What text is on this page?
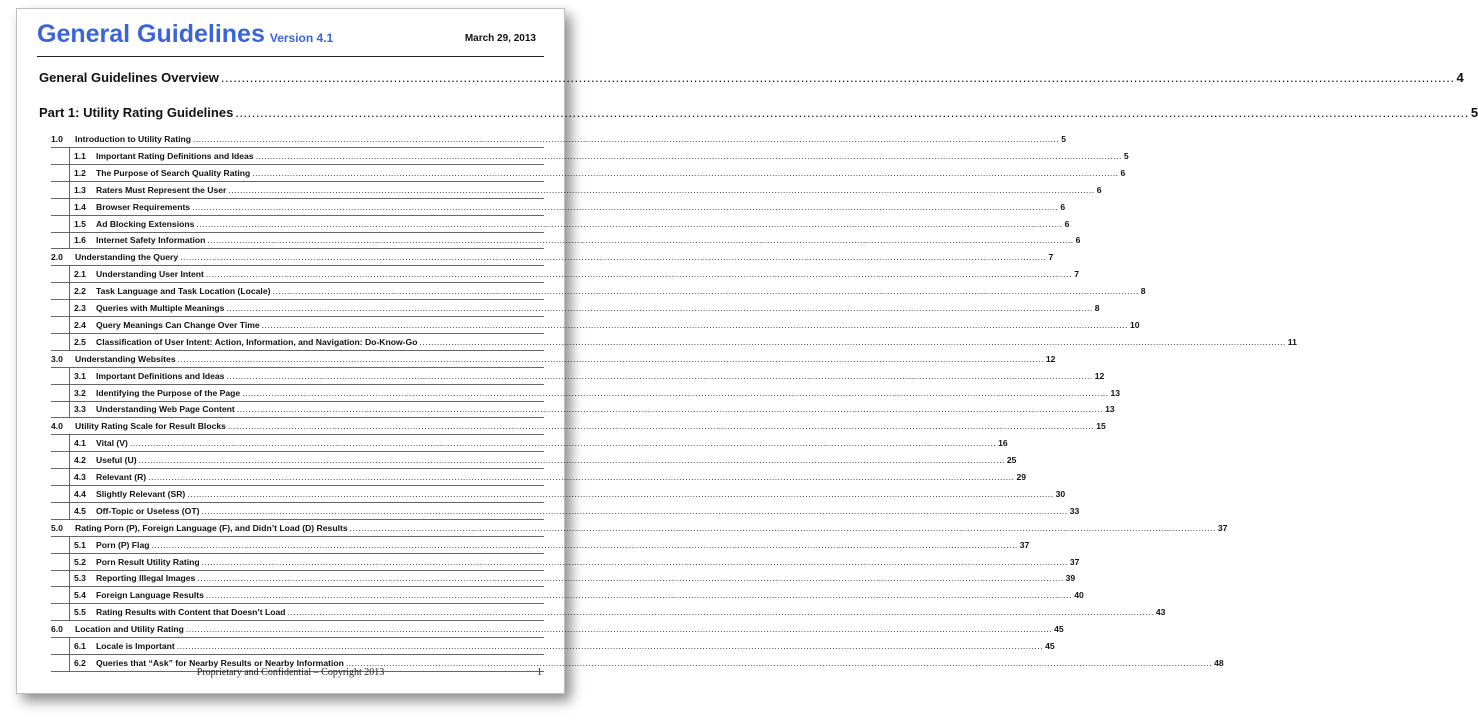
General Guidelines Version 4.1	March 29, 2013
General Guidelines Overview ............................................................................................................................................................................................................................................................................................................ 4
Part 1: Utility Rating Guidelines ............................................................................................................................................................................................................................................................................................................ 5
1.0 Introduction to Utility Rating ............................................................................................................................................................................................................................................................................................................ 5
1.1 Important Rating Definitions and Ideas ............................................................................................................................................................................................................................................................................................................ 5
1.2 The Purpose of Search Quality Rating ............................................................................................................................................................................................................................................................................................................ 6
1.3 Raters Must Represent the User ............................................................................................................................................................................................................................................................................................................ 6
1.4 Browser Requirements ............................................................................................................................................................................................................................................................................................................ 6
1.5 Ad Blocking Extensions ............................................................................................................................................................................................................................................................................................................ 6
1.6 Internet Safety Information ............................................................................................................................................................................................................................................................................................................ 6
2.0 Understanding the Query ............................................................................................................................................................................................................................................................................................................ 7
2.1 Understanding User Intent ............................................................................................................................................................................................................................................................................................................ 7
2.2 Task Language and Task Location (Locale) ............................................................................................................................................................................................................................................................................................................ 8
2.3 Queries with Multiple Meanings ............................................................................................................................................................................................................................................................................................................ 8
2.4 Query Meanings Can Change Over Time ............................................................................................................................................................................................................................................................................................................ 10
2.5 Classification of User Intent: Action, Information, and Navigation: Do-Know-Go ............................................................................................................................................................................................................................................................................................................ 11
3.0 Understanding Websites ............................................................................................................................................................................................................................................................................................................ 12
3.1 Important Definitions and Ideas ............................................................................................................................................................................................................................................................................................................ 12
3.2 Identifying the Purpose of the Page ............................................................................................................................................................................................................................................................................................................ 13
3.3 Understanding Web Page Content ............................................................................................................................................................................................................................................................................................................ 13
4.0 Utility Rating Scale for Result Blocks ............................................................................................................................................................................................................................................................................................................ 15
4.1 Vital (V) ............................................................................................................................................................................................................................................................................................................ 16
4.2 Useful (U) ............................................................................................................................................................................................................................................................................................................ 25
4.3 Relevant (R) ............................................................................................................................................................................................................................................................................................................ 29
4.4 Slightly Relevant (SR) ............................................................................................................................................................................................................................................................................................................ 30
4.5 Off-Topic or Useless (OT) ............................................................................................................................................................................................................................................................................................................ 33
5.0 Rating Porn (P), Foreign Language (F), and Didn’t Load (D) Results ............................................................................................................................................................................................................................................................................................................ 37
5.1 Porn (P) Flag ............................................................................................................................................................................................................................................................................................................ 37
5.2 Porn Result Utility Rating ............................................................................................................................................................................................................................................................................................................ 37
5.3 Reporting Illegal Images ............................................................................................................................................................................................................................................................................................................ 39
5.4 Foreign Language Results ............................................................................................................................................................................................................................................................................................................ 40
5.5 Rating Results with Content that Doesn’t Load ............................................................................................................................................................................................................................................................................................................ 43
6.0 Location and Utility Rating ............................................................................................................................................................................................................................................................................................................ 45
6.1 Locale is Important ............................................................................................................................................................................................................................................................................................................ 45
6.2 Queries that “Ask” for Nearby Results or Nearby Information ............................................................................................................................................................................................................................................................................................................ 48
Proprietary and Confidential – Copyright 2013	1
